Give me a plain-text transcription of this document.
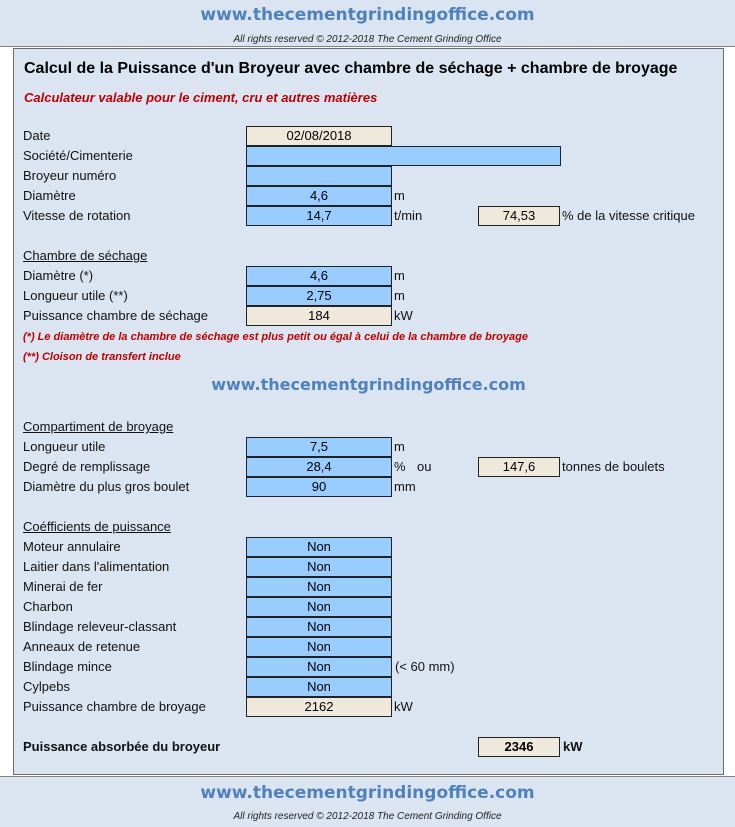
www.thecementgrindingoffice.com
All rights reserved © 2012-2018 The Cement Grinding Office
Calcul de la Puissance d'un Broyeur avec chambre de séchage + chambre de broyage
Calculateur valable pour le ciment, cru et autres matières
Date	02/08/2018
Société/Cimenterie
Broyeur numéro
Diamètre	4,6	m
Vitesse de rotation	14,7	t/min	74,53	% de la vitesse critique
Chambre de séchage
Diamètre (*)	4,6	m
Longueur utile (**)	2,75	m
Puissance chambre de séchage	184	kW
(*) Le diamètre de la chambre de séchage est plus petit ou égal à celui de la chambre de broyage
(**) Cloison de transfert inclue
www.thecementgrindingoffice.com
Compartiment de broyage
Longueur utile	7,5	m
Degré de remplissage	28,4	% ou	147,6	tonnes de boulets
Diamètre du plus gros boulet	90	mm
Coéfficients de puissance
Moteur annulaire	Non
Laitier dans l'alimentation	Non
Minerai de fer	Non
Charbon	Non
Blindage releveur-classant	Non
Anneaux de retenue	Non
Blindage mince	Non	(< 60 mm)
Cylpebs	Non
Puissance chambre de broyage	2162	kW
Puissance absorbée du broyeur	2346	kW
www.thecementgrindingoffice.com
All rights reserved © 2012-2018 The Cement Grinding Office
